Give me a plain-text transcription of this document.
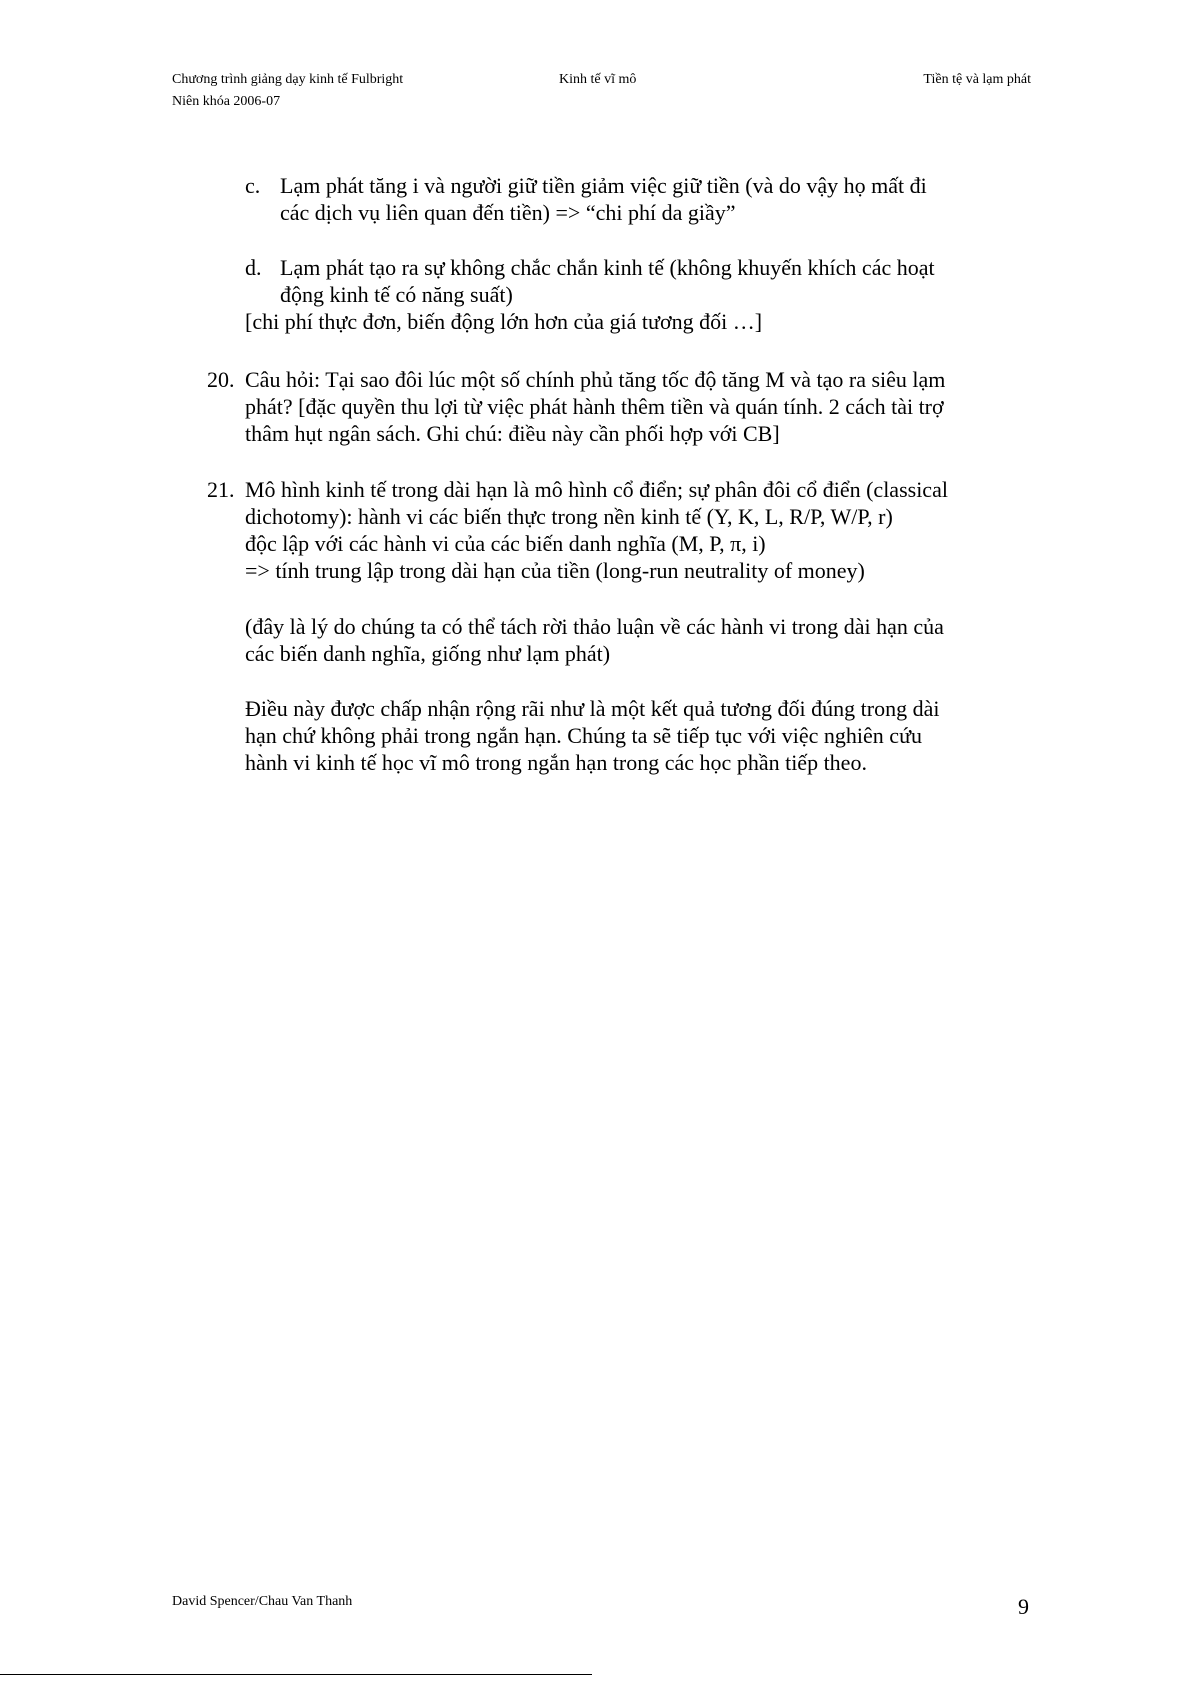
Chương trình giảng dạy kinh tế Fulbright
Niên khóa 2006-07
Kinh tế vĩ mô	Tiền tệ và lạm phát
c. Lạm phát tăng i và người giữ tiền giảm việc giữ tiền (và do vậy họ mất đi
các dịch vụ liên quan đến tiền) => “chi phí da giầy”
d. Lạm phát tạo ra sự không chắc chắn kinh tế (không khuyến khích các hoạt
động kinh tế có năng suất)
[chi phí thực đơn, biến động lớn hơn của giá tương đối …]
20. Câu hỏi: Tại sao đôi lúc một số chính phủ tăng tốc độ tăng M và tạo ra siêu lạm
phát? [đặc quyền thu lợi từ việc phát hành thêm tiền và quán tính. 2 cách tài trợ
thâm hụt ngân sách. Ghi chú: điều này cần phối hợp với CB]
21. Mô hình kinh tế trong dài hạn là mô hình cổ điển; sự phân đôi cổ điển (classical
dichotomy): hành vi các biến thực trong nền kinh tế (Y, K, L, R/P, W/P, r)
độc lập với các hành vi của các biến danh nghĩa (M, P, π, i)
=> tính trung lập trong dài hạn của tiền (long-run neutrality of money)
(đây là lý do chúng ta có thể tách rời thảo luận về các hành vi trong dài hạn của
các biến danh nghĩa, giống như lạm phát)
Điều này được chấp nhận rộng rãi như là một kết quả tương đối đúng trong dài
hạn chứ không phải trong ngắn hạn. Chúng ta sẽ tiếp tục với việc nghiên cứu
hành vi kinh tế học vĩ mô trong ngắn hạn trong các học phần tiếp theo.
David Spencer/Chau Van Thanh	9
